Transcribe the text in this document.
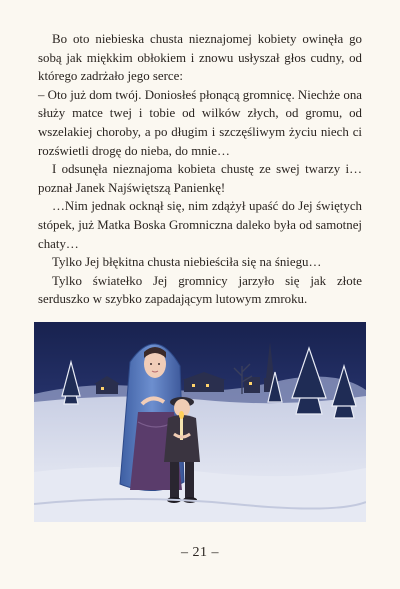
Bo oto niebieska chusta nieznajomej kobiety owinęła go sobą jak miękkim obłokiem i znowu usłyszał głos cudny, od którego zadrżało jego serce:

– Oto już dom twój. Doniosłeś płonącą gromnicę. Niechże ona służy matce twej i tobie od wilków złych, od gromu, od wszelakiej choroby, a po długim i szczęśliwym życiu niech ci rozświetli drogę do nieba, do mnie…

I odsunęła nieznajoma kobieta chustę ze swej twarzy i… poznał Janek Najświętszą Panienkę!

…Nim jednak ocknął się, nim zdążył upaść do Jej świętych stópek, już Matka Boska Gromniczna daleko była od samotnej chaty…

Tylko Jej błękitna chusta niebieściła się na śniegu…

Tylko światełko Jej gromnicy jarzyło się jak złote serduszko w szybko zapadającym lutowym zmroku.

– 21 –
